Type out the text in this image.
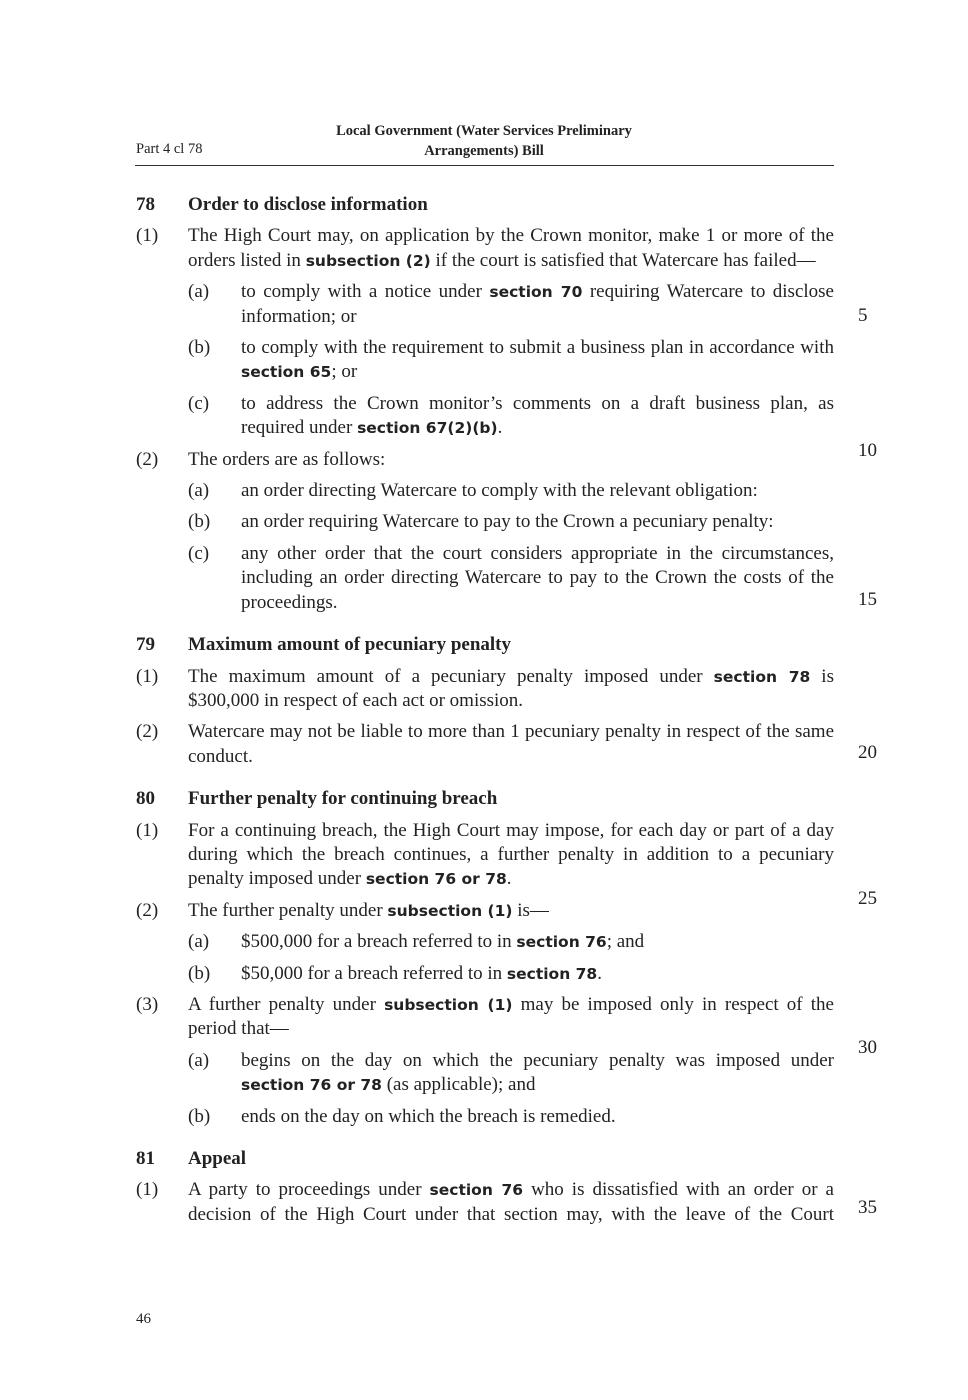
Part 4 cl 78
Local Government (Water Services Preliminary
Arrangements) Bill
78	Order to disclose information
(1)	The High Court may, on application by the Crown monitor, make 1 or more of the orders listed in subsection (2) if the court is satisfied that Watercare has failed—
(a)	to comply with a notice under section 70 requiring Watercare to disclose information; or
(b)	to comply with the requirement to submit a business plan in accordance with section 65; or
(c)	to address the Crown monitor’s comments on a draft business plan, as required under section 67(2)(b).
(2)	The orders are as follows:
(a)	an order directing Watercare to comply with the relevant obligation:
(b)	an order requiring Watercare to pay to the Crown a pecuniary penalty:
(c)	any other order that the court considers appropriate in the circumstances, including an order directing Watercare to pay to the Crown the costs of the proceedings.
79	Maximum amount of pecuniary penalty
(1)	The maximum amount of a pecuniary penalty imposed under section 78 is $300,000 in respect of each act or omission.
(2)	Watercare may not be liable to more than 1 pecuniary penalty in respect of the same conduct.
80	Further penalty for continuing breach
(1)	For a continuing breach, the High Court may impose, for each day or part of a day during which the breach continues, a further penalty in addition to a pecuniary penalty imposed under section 76 or 78.
(2)	The further penalty under subsection (1) is—
(a)	$500,000 for a breach referred to in section 76; and
(b)	$50,000 for a breach referred to in section 78.
(3)	A further penalty under subsection (1) may be imposed only in respect of the period that—
(a)	begins on the day on which the pecuniary penalty was imposed under section 76 or 78 (as applicable); and
(b)	ends on the day on which the breach is remedied.
81	Appeal
(1)	A party to proceedings under section 76 who is dissatisfied with an order or a decision of the High Court under that section may, with the leave of the Court
5
10
15
20
25
30
35
46
